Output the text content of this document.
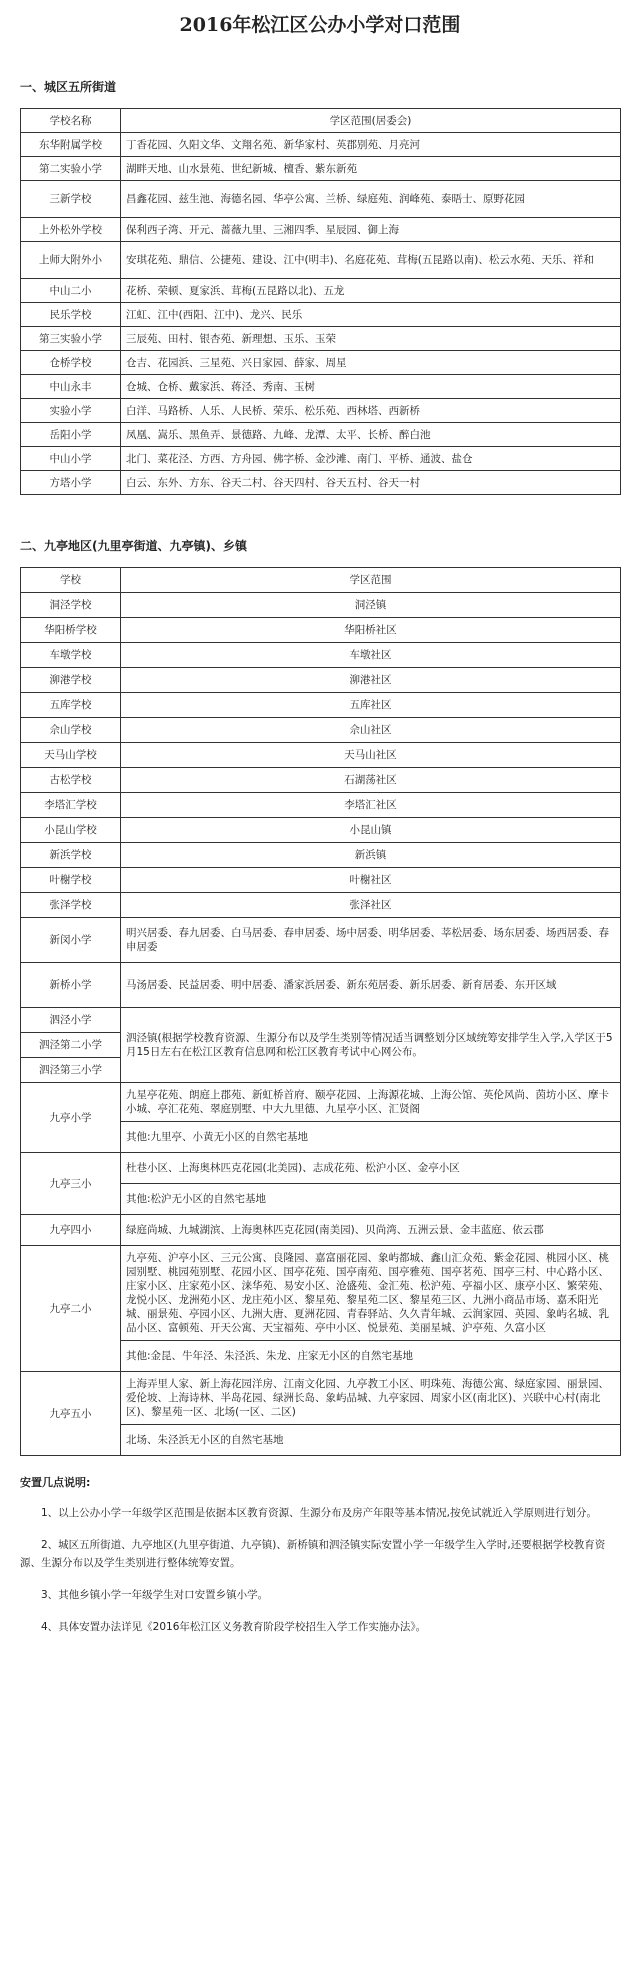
2016年松江区公办小学对口范围
一、城区五所街道
学校名称	学区范围(居委会)
东华附属学校	丁香花园、久阳文华、文翔名苑、新华家村、英郡别苑、月亮河
第二实验小学	湖畔天地、山水景苑、世纪新城、檀香、紫东新苑
三新学校	昌鑫花园、兹生池、海德名园、华亭公寓、兰桥、绿庭苑、润峰苑、泰晤士、原野花园
上外松外学校	保利西子湾、开元、蔷薇九里、三湘四季、星辰园、御上海
上师大附外小	安琪花苑、鼎信、公捷苑、建设、江中(明丰)、名庭花苑、茸梅(五昆路以南)、松云水苑、天乐、祥和
中山二小	花桥、荣顿、夏家浜、茸梅(五昆路以北)、五龙
民乐学校	江虹、江中(西阳、江中)、龙兴、民乐
第三实验小学	三辰苑、田村、银杏苑、新理想、玉乐、玉荣
仓桥学校	仓吉、花园浜、三星苑、兴日家园、薛家、周星
中山永丰	仓城、仓桥、戴家浜、蒋泾、秀南、玉树
实验小学	白洋、马路桥、人乐、人民桥、荣乐、松乐苑、西林塔、西新桥
岳阳小学	凤凰、嵩乐、黑鱼弄、景德路、九峰、龙潭、太平、长桥、醉白池
中山小学	北门、菜花泾、方西、方舟园、佛字桥、金沙滩、南门、平桥、通波、盐仓
方塔小学	白云、东外、方东、谷天二村、谷天四村、谷天五村、谷天一村
二、九亭地区(九里亭街道、九亭镇)、乡镇
学校	学区范围
洞泾学校	洞泾镇
华阳桥学校	华阳桥社区
车墩学校	车墩社区
泖港学校	泖港社区
五库学校	五库社区
佘山学校	佘山社区
天马山学校	天马山社区
古松学校	石湖荡社区
李塔汇学校	李塔汇社区
小昆山学校	小昆山镇
新浜学校	新浜镇
叶榭学校	叶榭社区
张泽学校	张泽社区
新闵小学	明兴居委、春九居委、白马居委、春申居委、场中居委、明华居委、莘松居委、场东居委、场西居委、春申居委
新桥小学	马汤居委、民益居委、明中居委、潘家浜居委、新东苑居委、新乐居委、新育居委、东开区域
泗泾小学	泗泾镇(根据学校教育资源、生源分布以及学生类别等情况适当调整划分区域统筹安排学生入学,入学区于5月15日左右在松江区教育信息网和松江区教育考试中心网公布。
泗泾第二小学	
泗泾第三小学	
九亭小学	九星亭花苑、朗庭上郡苑、新虹桥首府、颐亭花园、上海源花城、上海公馆、英伦风尚、茵坊小区、摩卡小城、亭汇花苑、翠庭别墅、中大九里德、九星亭小区、汇贤阁
	其他:九里亭、小黄无小区的自然宅基地
九亭三小	杜巷小区、上海奥林匹克花园(北美园)、志成花苑、松沪小区、金亭小区
	其他:松沪无小区的自然宅基地
九亭四小	绿庭尚城、九城湖滨、上海奥林匹克花园(南美园)、贝尚湾、五洲云景、金丰蓝庭、依云郡
九亭二小	九亭苑、沪亭小区、三元公寓、良隆园、嘉富丽花园、象屿都城、鑫山汇众苑、紫金花园、桃园小区、桃园别墅、桃园苑别墅、花园小区、国亭花苑、国亭南苑、国亭雅苑、国亭茗苑、国亭三村、中心路小区、庄家小区、庄家苑小区、涞华苑、易安小区、沧盛苑、金汇苑、松沪苑、亭福小区、康亭小区、繁荣苑、龙悦小区、龙洲苑小区、龙庄苑小区、黎星苑、黎星苑二区、黎星苑三区、九洲小商品市场、嘉禾阳光城、丽景苑、亭园小区、九洲大唐、夏洲花园、青春驿站、久久青年城、云润家园、英园、象屿名城、乳品小区、富顿苑、开天公寓、天宝福苑、亭中小区、悦景苑、美丽星城、沪亭苑、久富小区
	其他:金昆、牛年泾、朱泾浜、朱龙、庄家无小区的自然宅基地
九亭五小	上海弄里人家、新上海花园洋房、江南文化园、九亭教工小区、明珠苑、海德公寓、绿庭家园、丽景园、爱伦坡、上海诗林、半岛花园、绿洲长岛、象屿品城、九亭家园、周家小区(南北区)、兴联中心村(南北区)、黎星苑一区、北场(一区、二区)
	北场、朱泾浜无小区的自然宅基地
安置几点说明:

1、以上公办小学一年级学区范围是依据本区教育资源、生源分布及房产年限等基本情况,按免试就近入学原则进行划分。

2、城区五所街道、九亭地区(九里亭街道、九亭镇)、新桥镇和泗泾镇实际安置小学一年级学生入学时,还要根据学校教育资源、生源分布以及学生类别进行整体统筹安置。

3、其他乡镇小学一年级学生对口安置乡镇小学。

4、具体安置办法详见《2016年松江区义务教育阶段学校招生入学工作实施办法》。
